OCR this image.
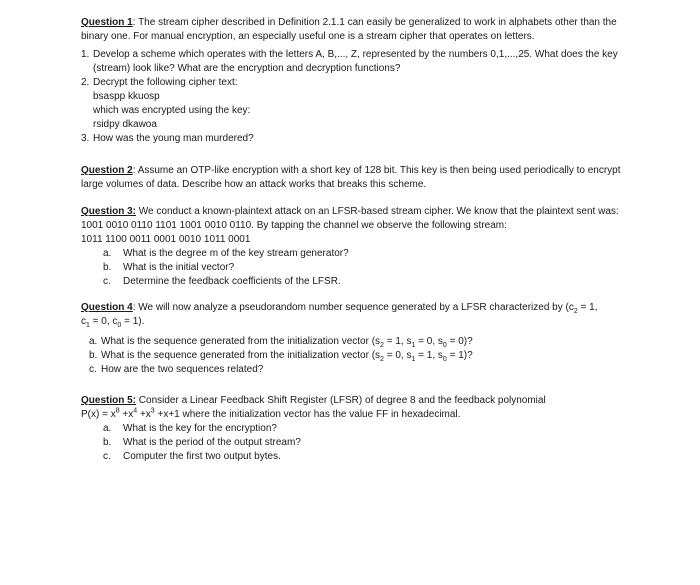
Question 1: The stream cipher described in Definition 2.1.1 can easily be generalized to work in alphabets other than the binary one. For manual encryption, an especially useful one is a stream cipher that operates on letters.

1. Develop a scheme which operates with the letters A, B,..., Z, represented by the numbers 0,1,...,25. What does the key (stream) look like? What are the encryption and decryption functions?
2. Decrypt the following cipher text:
bsaspp kkuosp
which was encrypted using the key:
rsidpy dkawoa
3. How was the young man murdered?

Question 2: Assume an OTP-like encryption with a short key of 128 bit. This key is then being used periodically to encrypt large volumes of data. Describe how an attack works that breaks this scheme.

Question 3: We conduct a known-plaintext attack on an LFSR-based stream cipher. We know that the plaintext sent was: 1001 0010 0110 1101 1001 0010 0110. By tapping the channel we observe the following stream:

1011 1100 0011 0001 0010 1011 0001
a. What is the degree m of the key stream generator?
b. What is the initial vector?
c. Determine the feedback coefficients of the LFSR.

Question 4: We will now analyze a pseudorandom number sequence generated by a LFSR characterized by ($c_2 = 1$,
$c_1 = 0$, $c_0 = 1$).

a. What is the sequence generated from the initialization vector ($s_2 = 1$, $s_1 = 0$, $s_0 = 0$)?
b. What is the sequence generated from the initialization vector ($s_2 = 0$, $s_1 = 1$, $s_0 = 1$)?
c. How are the two sequences related?

Question 5: Consider a Linear Feedback Shift Register (LFSR) of degree 8 and the feedback polynomial
$P(x) = x^8 +x^4 +x^3 +x+1$ where the initialization vector has the value FF in hexadecimal.

a. What is the key for the encryption?
b. What is the period of the output stream?
c. Computer the first two output bytes.
